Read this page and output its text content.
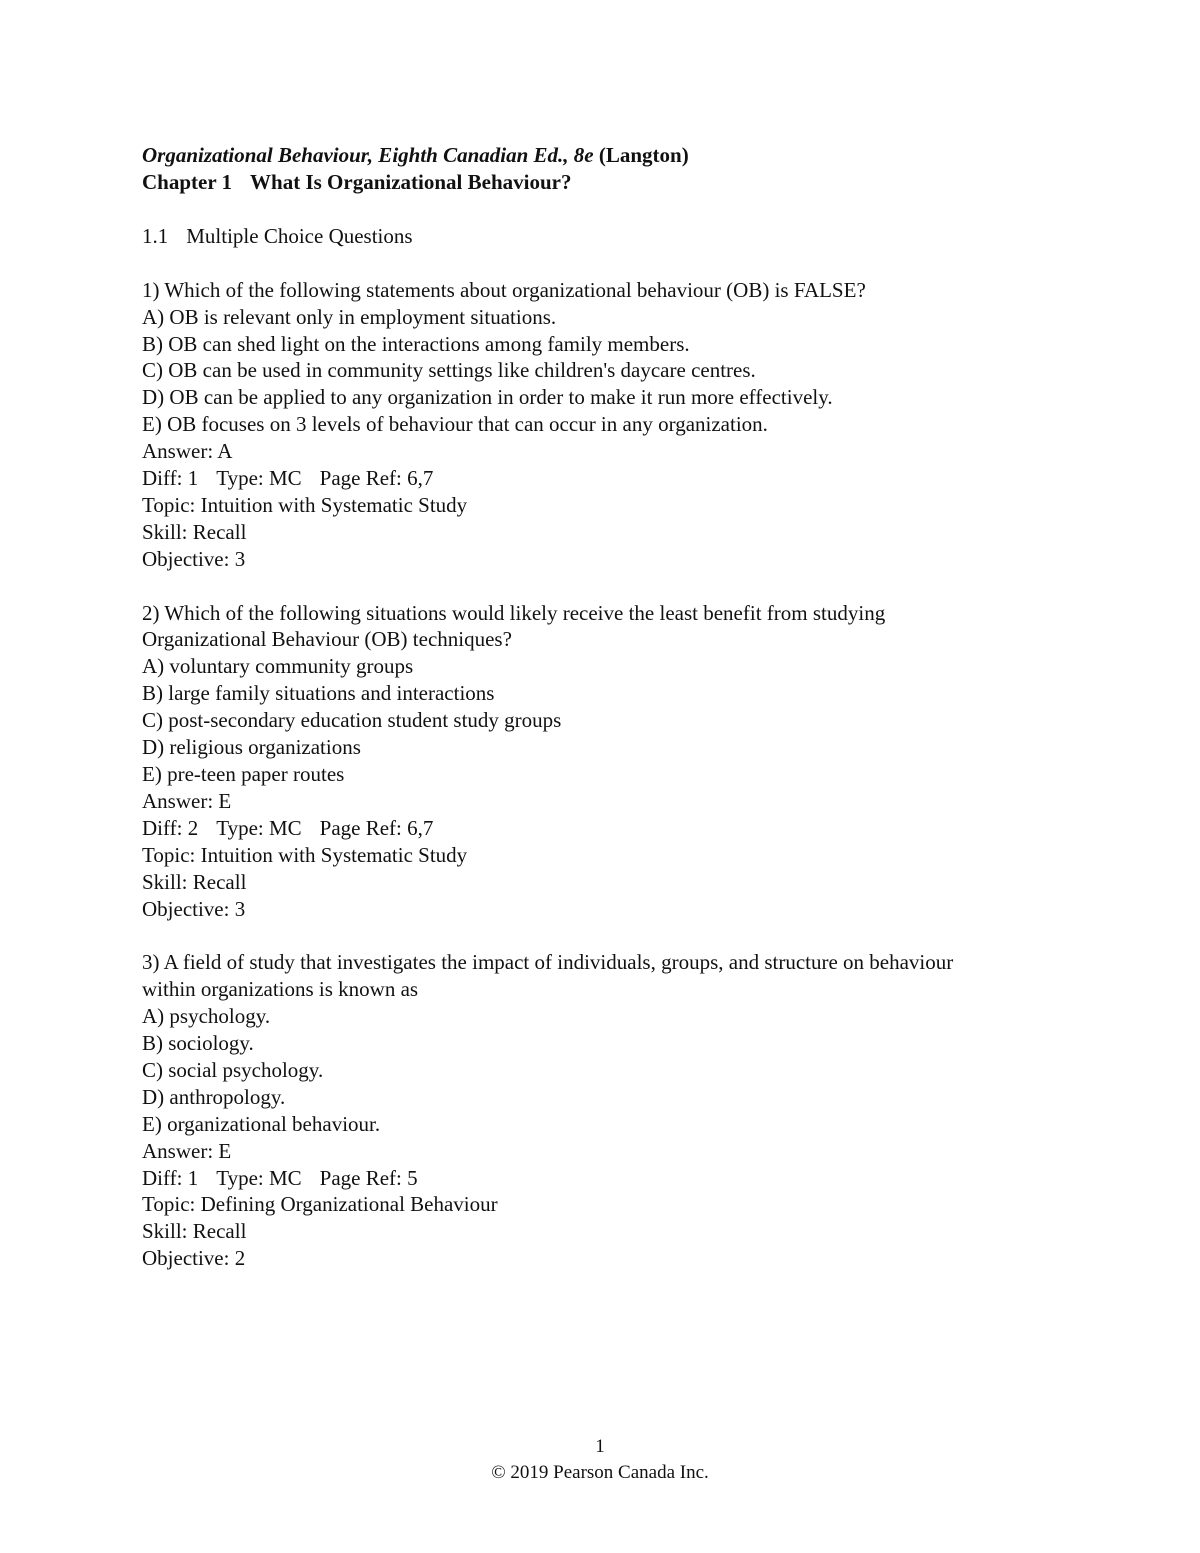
Organizational Behaviour, Eighth Canadian Ed., 8e (Langton)

Chapter 1 What Is Organizational Behaviour?

1.1 Multiple Choice Questions

1) Which of the following statements about organizational behaviour (OB) is FALSE?

A) OB is relevant only in employment situations.

B) OB can shed light on the interactions among family members.

C) OB can be used in community settings like children's daycare centres.

D) OB can be applied to any organization in order to make it run more effectively.

E) OB focuses on 3 levels of behaviour that can occur in any organization.

Answer: A

Diff: 1 Type: MC Page Ref: 6,7

Topic: Intuition with Systematic Study

Skill: Recall

Objective: 3

2) Which of the following situations would likely receive the least benefit from studying

Organizational Behaviour (OB) techniques?

A) voluntary community groups

B) large family situations and interactions

C) post-secondary education student study groups

D) religious organizations

E) pre-teen paper routes

Answer: E

Diff: 2 Type: MC Page Ref: 6,7

Topic: Intuition with Systematic Study

Skill: Recall

Objective: 3

3) A field of study that investigates the impact of individuals, groups, and structure on behaviour

within organizations is known as

A) psychology.

B) sociology.

C) social psychology.

D) anthropology.

E) organizational behaviour.

Answer: E

Diff: 1 Type: MC Page Ref: 5

Topic: Defining Organizational Behaviour

Skill: Recall

Objective: 2

1
© 2019 Pearson Canada Inc.
